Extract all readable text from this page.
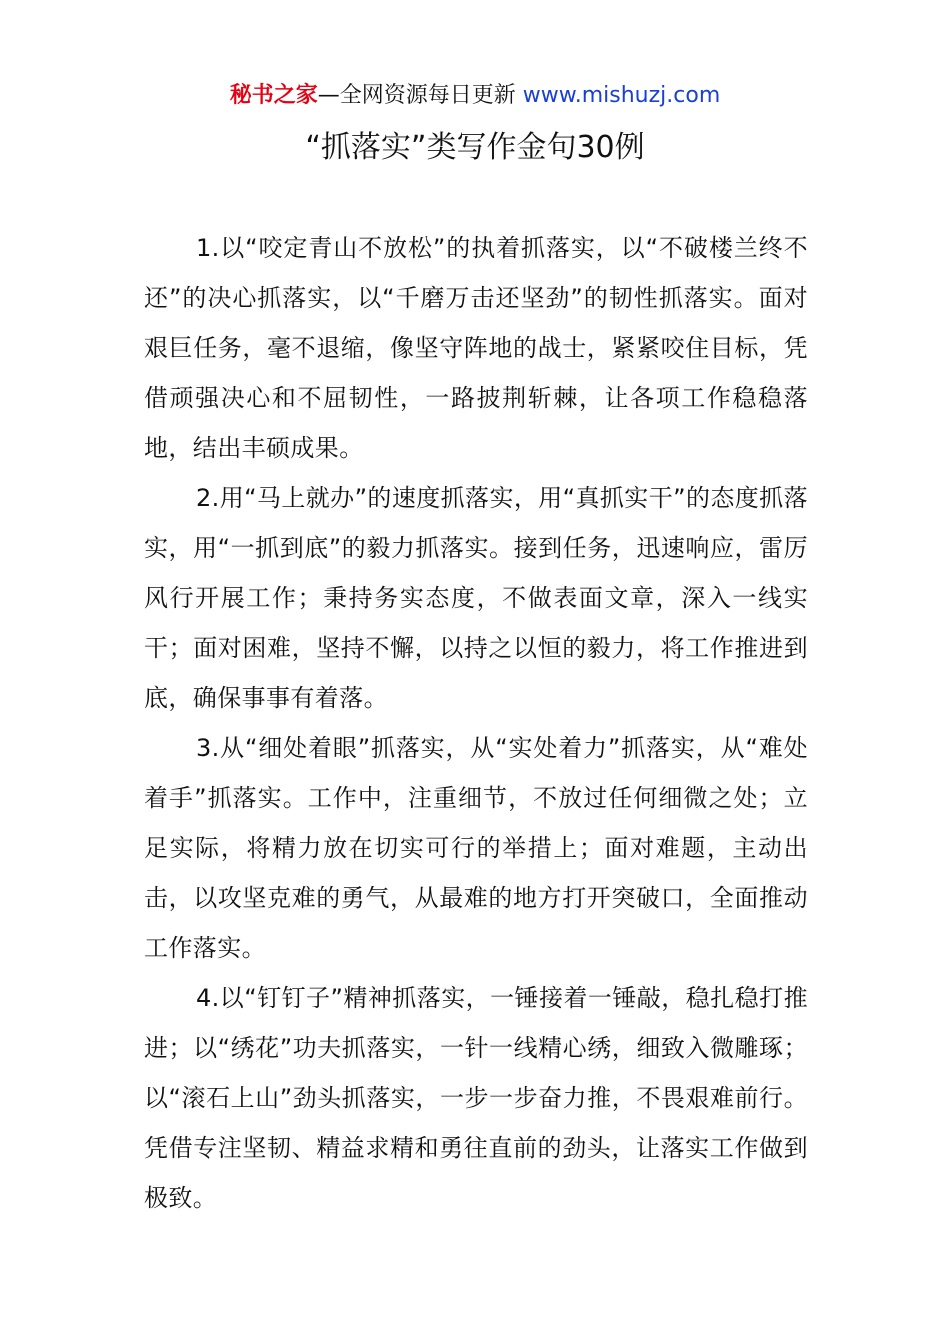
秘书之家—全网资源每日更新 www.mishuzj.com
“抓落实”类写作金句30例

1.以“咬定青山不放松”的执着抓落实，以“不破楼兰终不还”的决心抓落实，以“千磨万击还坚劲”的韧性抓落实。面对艰巨任务，毫不退缩，像坚守阵地的战士，紧紧咬住目标，凭借顽强决心和不屈韧性，一路披荆斩棘，让各项工作稳稳落地，结出丰硕成果。

2.用“马上就办”的速度抓落实，用“真抓实干”的态度抓落实，用“一抓到底”的毅力抓落实。接到任务，迅速响应，雷厉风行开展工作；秉持务实态度，不做表面文章，深入一线实干；面对困难，坚持不懈，以持之以恒的毅力，将工作推进到底，确保事事有着落。

3.从“细处着眼”抓落实，从“实处着力”抓落实，从“难处着手”抓落实。工作中，注重细节，不放过任何细微之处；立足实际，将精力放在切实可行的举措上；面对难题，主动出击，以攻坚克难的勇气，从最难的地方打开突破口，全面推动工作落实。

4.以“钉钉子”精神抓落实，一锤接着一锤敲，稳扎稳打推进；以“绣花”功夫抓落实，一针一线精心绣，细致入微雕琢；以“滚石上山”劲头抓落实，一步一步奋力推，不畏艰难前行。凭借专注坚韧、精益求精和勇往直前的劲头，让落实工作做到极致。
